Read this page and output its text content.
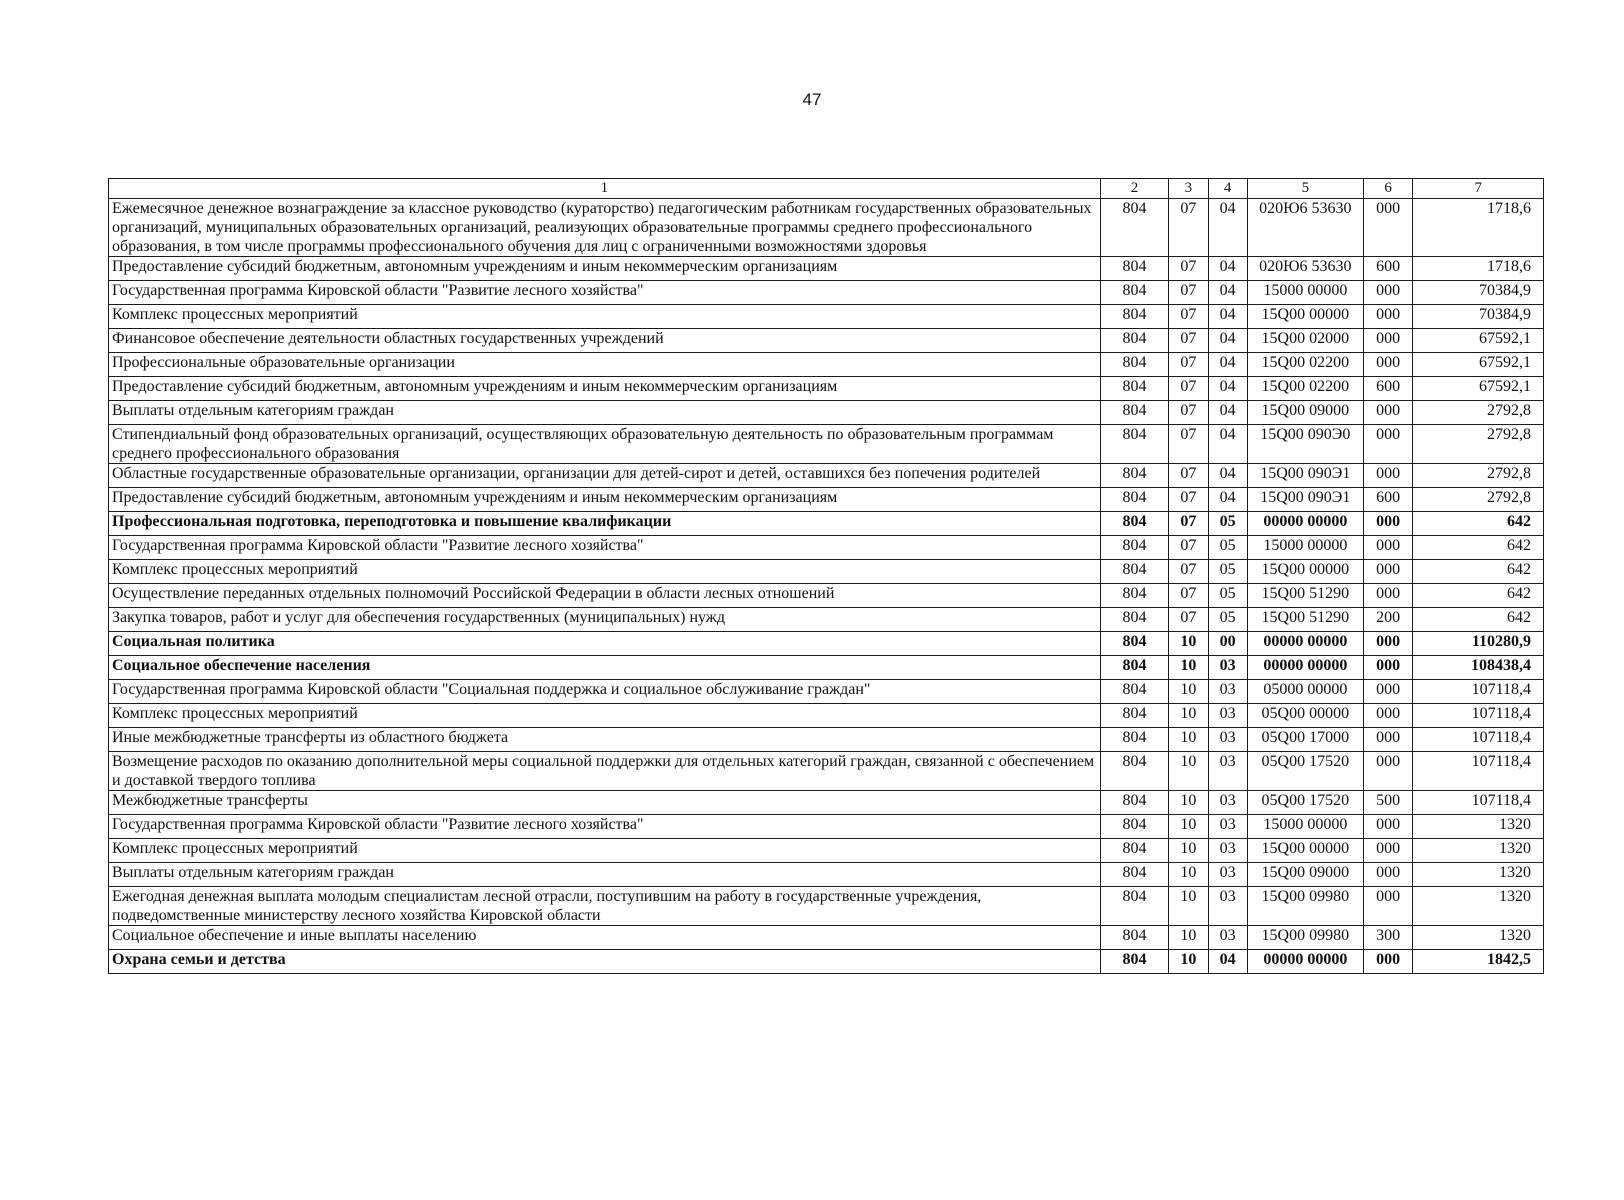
47
1	2	3	4	5	6	7
Ежемесячное денежное вознаграждение за классное руководство (кураторство) педагогическим работникам государственных образовательных организаций, муниципальных образовательных организаций, реализующих образовательные программы среднего профессионального образования, в том числе программы профессионального обучения для лиц с ограниченными возможностями здоровья	804	07	04	020Ю6 53630	000	1718,6
Предоставление субсидий бюджетным, автономным учреждениям и иным некоммерческим организациям	804	07	04	020Ю6 53630	600	1718,6
Государственная программа Кировской области "Развитие лесного хозяйства"	804	07	04	15000 00000	000	70384,9
Комплекс процессных мероприятий	804	07	04	15Q00 00000	000	70384,9
Финансовое обеспечение деятельности областных государственных учреждений	804	07	04	15Q00 02000	000	67592,1
Профессиональные образовательные организации	804	07	04	15Q00 02200	000	67592,1
Предоставление субсидий бюджетным, автономным учреждениям и иным некоммерческим организациям	804	07	04	15Q00 02200	600	67592,1
Выплаты отдельным категориям граждан	804	07	04	15Q00 09000	000	2792,8
Стипендиальный фонд образовательных организаций, осуществляющих образовательную деятельность по образовательным программам среднего профессионального образования	804	07	04	15Q00 090Э0	000	2792,8
Областные государственные образовательные организации, организации для детей-сирот и детей, оставшихся без попечения родителей	804	07	04	15Q00 090Э1	000	2792,8
Предоставление субсидий бюджетным, автономным учреждениям и иным некоммерческим организациям	804	07	04	15Q00 090Э1	600	2792,8
Профессиональная подготовка, переподготовка и повышение квалификации	804	07	05	00000 00000	000	642
Государственная программа Кировской области "Развитие лесного хозяйства"	804	07	05	15000 00000	000	642
Комплекс процессных мероприятий	804	07	05	15Q00 00000	000	642
Осуществление переданных отдельных полномочий Российской Федерации в области лесных отношений	804	07	05	15Q00 51290	000	642
Закупка товаров, работ и услуг для обеспечения государственных (муниципальных) нужд	804	07	05	15Q00 51290	200	642
Социальная политика	804	10	00	00000 00000	000	110280,9
Социальное обеспечение населения	804	10	03	00000 00000	000	108438,4
Государственная программа Кировской области "Социальная поддержка и социальное обслуживание граждан"	804	10	03	05000 00000	000	107118,4
Комплекс процессных мероприятий	804	10	03	05Q00 00000	000	107118,4
Иные межбюджетные трансферты из областного бюджета	804	10	03	05Q00 17000	000	107118,4
Возмещение расходов по оказанию дополнительной меры социальной поддержки для отдельных категорий граждан, связанной с обеспечением и доставкой твердого топлива	804	10	03	05Q00 17520	000	107118,4
Межбюджетные трансферты	804	10	03	05Q00 17520	500	107118,4
Государственная программа Кировской области "Развитие лесного хозяйства"	804	10	03	15000 00000	000	1320
Комплекс процессных мероприятий	804	10	03	15Q00 00000	000	1320
Выплаты отдельным категориям граждан	804	10	03	15Q00 09000	000	1320
Ежегодная денежная выплата молодым специалистам лесной отрасли, поступившим на работу в государственные учреждения, подведомственные министерству лесного хозяйства Кировской области	804	10	03	15Q00 09980	000	1320
Социальное обеспечение и иные выплаты населению	804	10	03	15Q00 09980	300	1320
Охрана семьи и детства	804	10	04	00000 00000	000	1842,5
